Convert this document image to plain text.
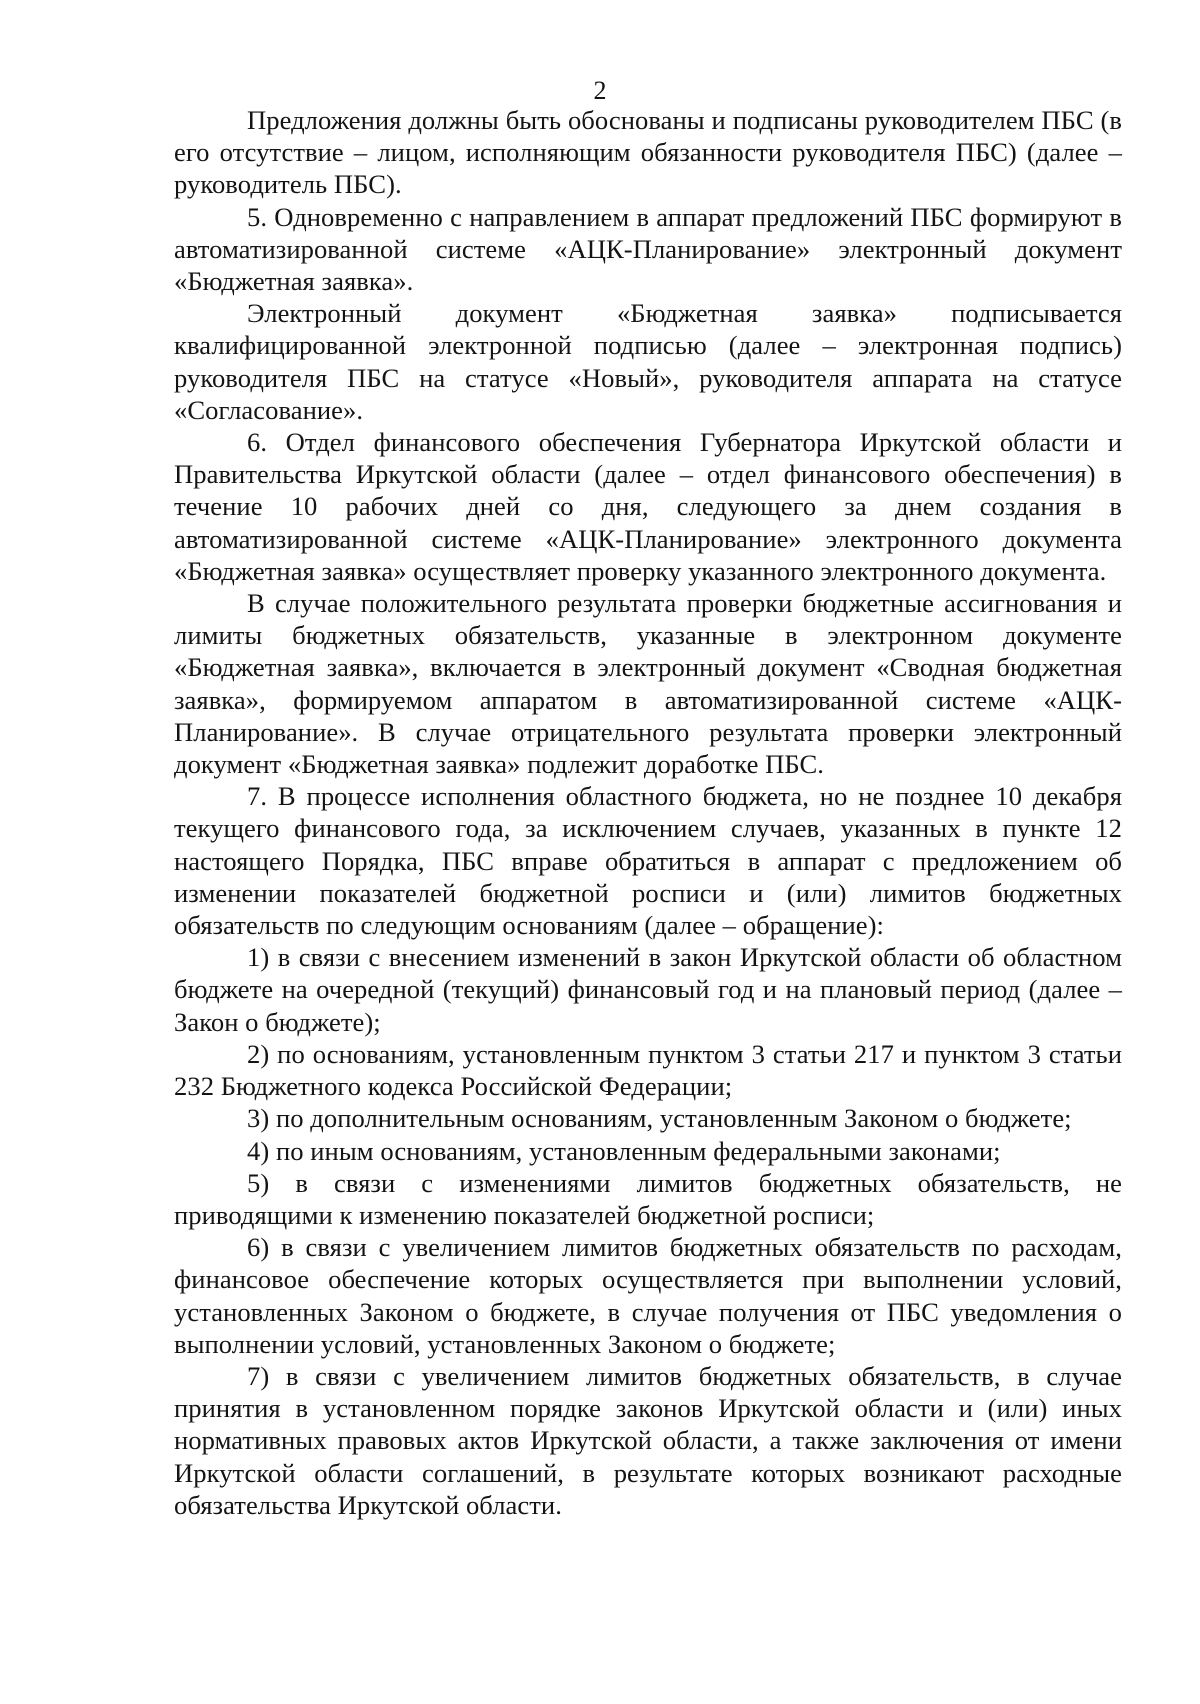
2

Предложения должны быть обоснованы и подписаны руководителем ПБС (в его отсутствие – лицом, исполняющим обязанности руководителя ПБС) (далее – руководитель ПБС).

5. Одновременно с направлением в аппарат предложений ПБС формируют в автоматизированной системе «АЦК-Планирование» электронный документ «Бюджетная заявка».

Электронный документ «Бюджетная заявка» подписывается квалифицированной электронной подписью (далее – электронная подпись) руководителя ПБС на статусе «Новый», руководителя аппарата на статусе «Согласование».

6. Отдел финансового обеспечения Губернатора Иркутской области и Правительства Иркутской области (далее – отдел финансового обеспечения) в течение 10 рабочих дней со дня, следующего за днем создания в автоматизированной системе «АЦК-Планирование» электронного документа «Бюджетная заявка» осуществляет проверку указанного электронного документа.

В случае положительного результата проверки бюджетные ассигнования и лимиты бюджетных обязательств, указанные в электронном документе «Бюджетная заявка», включается в электронный документ «Сводная бюджетная заявка», формируемом аппаратом в автоматизированной системе «АЦК-Планирование». В случае отрицательного результата проверки электронный документ «Бюджетная заявка» подлежит доработке ПБС.

7. В процессе исполнения областного бюджета, но не позднее 10 декабря текущего финансового года, за исключением случаев, указанных в пункте 12 настоящего Порядка, ПБС вправе обратиться в аппарат с предложением об изменении показателей бюджетной росписи и (или) лимитов бюджетных обязательств по следующим основаниям (далее – обращение):

1) в связи с внесением изменений в закон Иркутской области об областном бюджете на очередной (текущий) финансовый год и на плановый период (далее – Закон о бюджете);

2) по основаниям, установленным пунктом 3 статьи 217 и пунктом 3 статьи 232 Бюджетного кодекса Российской Федерации;

3) по дополнительным основаниям, установленным Законом о бюджете;

4) по иным основаниям, установленным федеральными законами;

5) в связи с изменениями лимитов бюджетных обязательств, не приводящими к изменению показателей бюджетной росписи;

6) в связи с увеличением лимитов бюджетных обязательств по расходам, финансовое обеспечение которых осуществляется при выполнении условий, установленных Законом о бюджете, в случае получения от ПБС уведомления о выполнении условий, установленных Законом о бюджете;

7) в связи с увеличением лимитов бюджетных обязательств, в случае принятия в установленном порядке законов Иркутской области и (или) иных нормативных правовых актов Иркутской области, а также заключения от имени Иркутской области соглашений, в результате которых возникают расходные обязательства Иркутской области.
